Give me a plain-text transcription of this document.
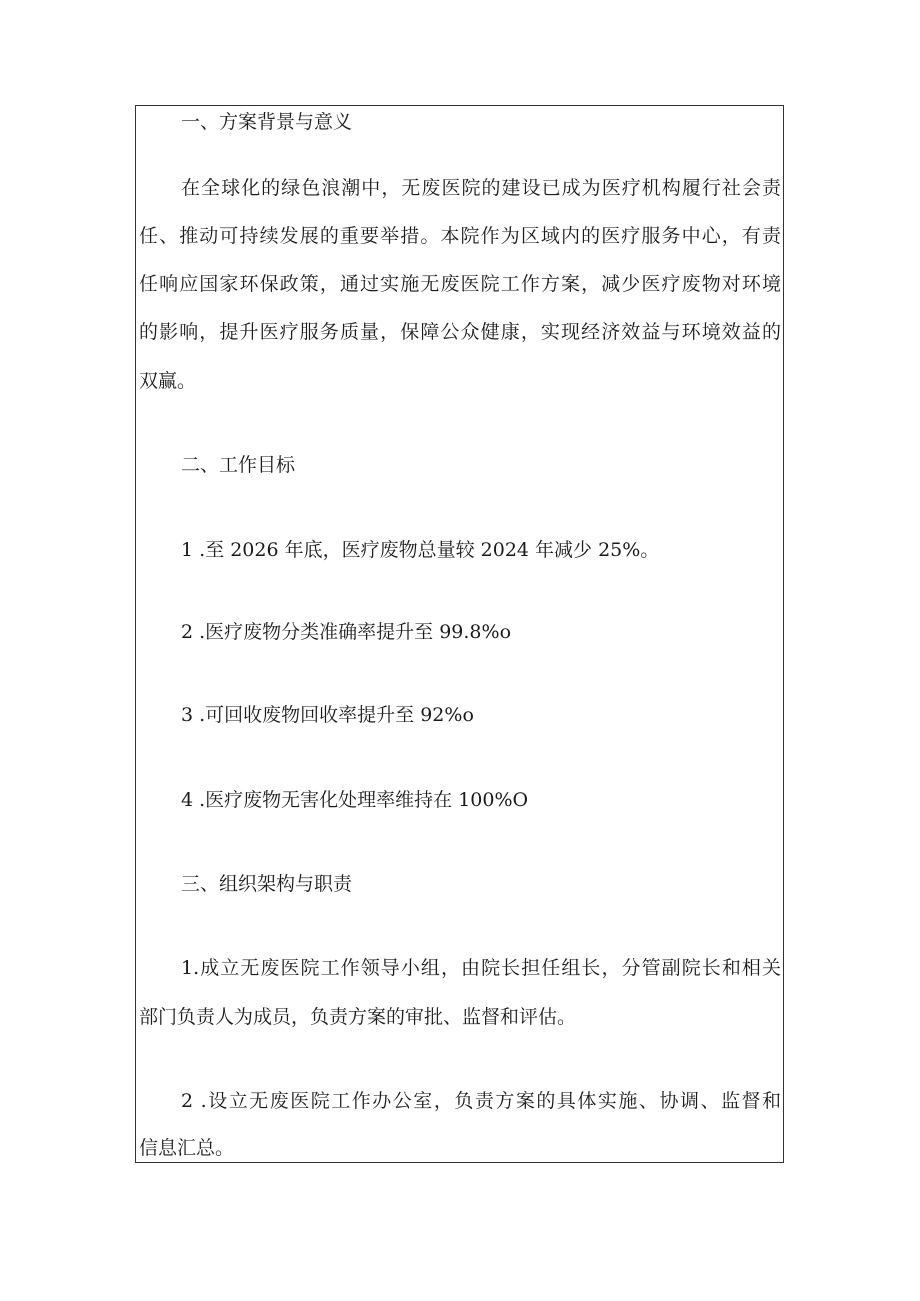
一、方案背景与意义
在全球化的绿色浪潮中，无废医院的建设已成为医疗机构履行社会责
任、推动可持续发展的重要举措。本院作为区域内的医疗服务中心，有责
任响应国家环保政策，通过实施无废医院工作方案，减少医疗废物对环境
的影响，提升医疗服务质量，保障公众健康，实现经济效益与环境效益的
双赢。
二、工作目标
1 .至 2026 年底，医疗废物总量较 2024 年减少 25%。
2 .医疗废物分类准确率提升至 99.8%o
3 .可回收废物回收率提升至 92%o
4 .医疗废物无害化处理率维持在 100%O
三、组织架构与职责
1.成立无废医院工作领导小组，由院长担任组长，分管副院长和相关
部门负责人为成员，负责方案的审批、监督和评估。
2 .设立无废医院工作办公室，负责方案的具体实施、协调、监督和
信息汇总。
